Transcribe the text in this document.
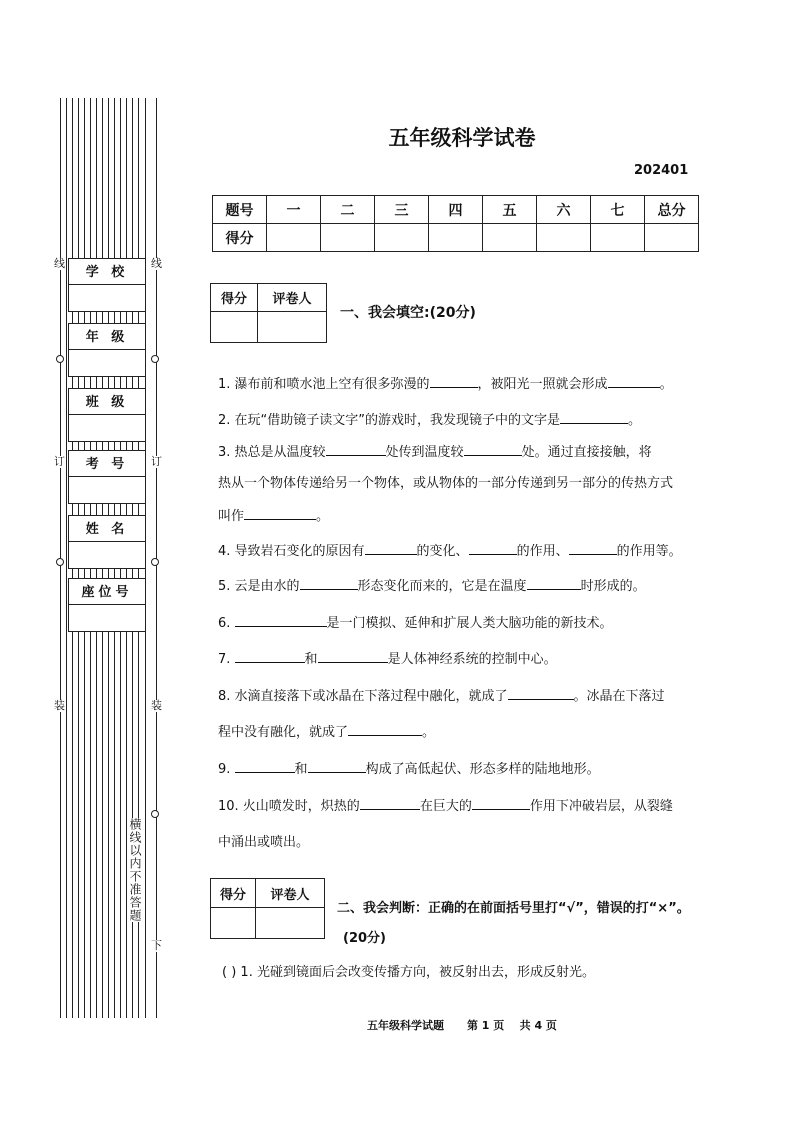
学 校
年 级
班 级
考 号
姓 名
座位号
线	线
订	订
装	装
下
横线以内不准答题
五年级科学试卷
202401
题号	一	二	三	四	五	六	七	总分
得分								
得分	评卷人

一、我会填空:(20分)
1. 瀑布前和喷水池上空有很多弥漫的	，被阳光一照就会形成	。
2. 在玩“借助镜子读文字”的游戏时，我发现镜子中的文字是	。
3. 热总是从温度较	处传到温度较	处。通过直接接触，将
热从一个物体传递给另一个物体，或从物体的一部分传递到另一部分的传热方式
叫作	。
4. 导致岩石变化的原因有	的变化、	的作用、	的作用等。
5. 云是由水的	形态变化而来的，它是在温度	时形成的。
6.	是一门模拟、延伸和扩展人类大脑功能的新技术。
7.	和	是人体神经系统的控制中心。
8. 水滴直接落下或冰晶在下落过程中融化，就成了	。冰晶在下落过
程中没有融化，就成了	。
9.	和	构成了高低起伏、形态多样的陆地地形。
10. 火山喷发时，炽热的	在巨大的	作用下冲破岩层，从裂缝
中涌出或喷出。
得分	评卷人

二、我会判断：正确的在前面括号里打“√”，错误的打“×”。
(20分)
( ) 1. 光碰到镜面后会改变传播方向，被反射出去，形成反射光。
五年级科学试题      第 1 页    共 4 页
